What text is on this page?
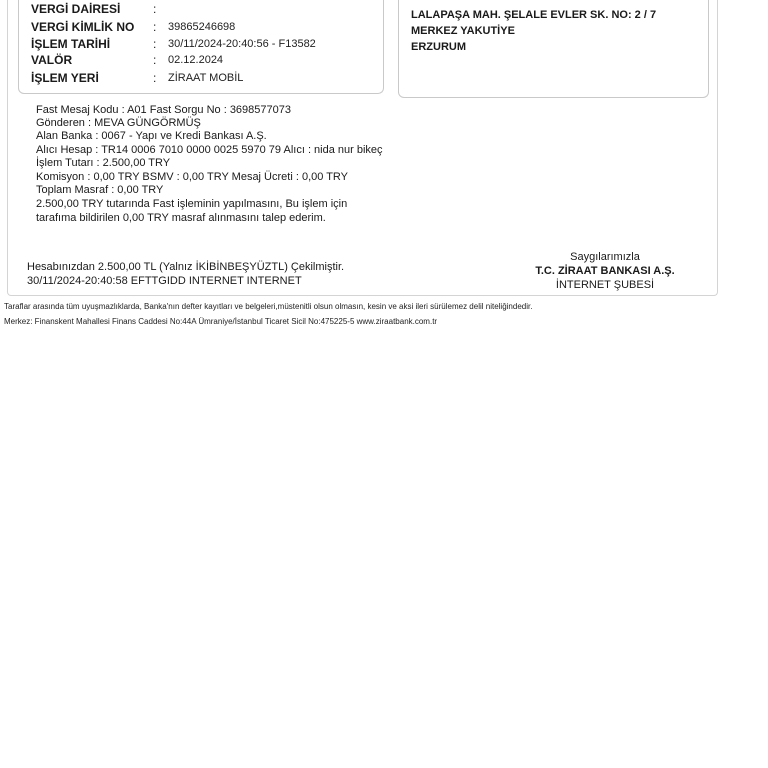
VERGİ DAİRESİ	:
VERGİ KİMLİK NO : 39865246698
İŞLEM TARİHİ	: 30/11/2024-20:40:56 - F13582
VALÖR	: 02.12.2024
İŞLEM YERİ	: ZİRAAT MOBİL
LALAPAŞA MAH. ŞELALE EVLER SK. NO: 2 / 7
MERKEZ YAKUTİYE
ERZURUM
Fast Mesaj Kodu : A01 Fast Sorgu No : 3698577073
Gönderen : MEVA GÜNGÖRMÜŞ
Alan Banka : 0067 - Yapı ve Kredi Bankası A.Ş.
Alıcı Hesap : TR14 0006 7010 0000 0025 5970 79 Alıcı : nida nur bikeç
İşlem Tutarı : 2.500,00 TRY
Komisyon : 0,00 TRY BSMV : 0,00 TRY Mesaj Ücreti : 0,00 TRY
Toplam Masraf : 0,00 TRY
2.500,00 TRY tutarında Fast işleminin yapılmasını, Bu işlem için
tarafıma bildirilen 0,00 TRY masraf alınmasını talep ederim.
Hesabınızdan 2.500,00 TL (Yalnız İKİBİNBEŞYÜZTL) Çekilmiştir.
30/11/2024-20:40:58 EFTTGIDD INTERNET INTERNET
Saygılarımızla
T.C. ZİRAAT BANKASI A.Ş.
İNTERNET ŞUBESİ
Taraflar arasında tüm uyuşmazlıklarda, Banka'nın defter kayıtları ve belgeleri,müstenitli olsun olmasın, kesin ve aksi ileri sürülemez delil niteliğindedir.
Merkez: Finanskent Mahallesi Finans Caddesi No:44A Ümraniye/İstanbul Ticaret Sicil No:475225-5 www.ziraatbank.com.tr
